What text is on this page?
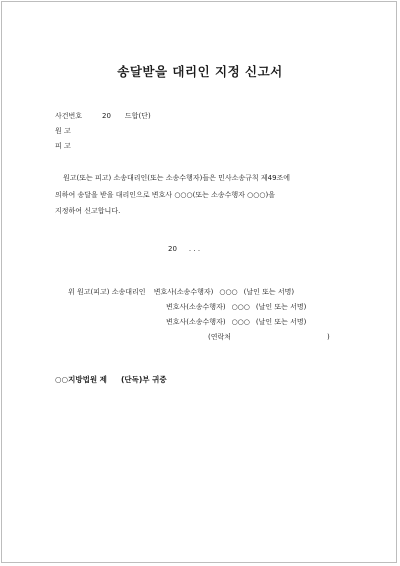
송달받을 대리인 지정 신고서
사건번호	20 드합(단)
원 고
피 고
원고(또는 피고) 소송대리인(또는 소송수행자)들은 민사소송규칙 제49조에
의하여 송달을 받을 대리인으로 변호사 ○○○(또는 소송수행자 ○○○)을
지정하여 신고합니다.
20 . . .
위 원고(피고) 소송대리인 변호사(소송수행자) ○○○ (날인 또는 서명)
변호사(소송수행자) ○○○ (날인 또는 서명)
변호사(소송수행자) ○○○ (날인 또는 서명)
(연락처	)
○○지방법원 제 (단독)부 귀중
